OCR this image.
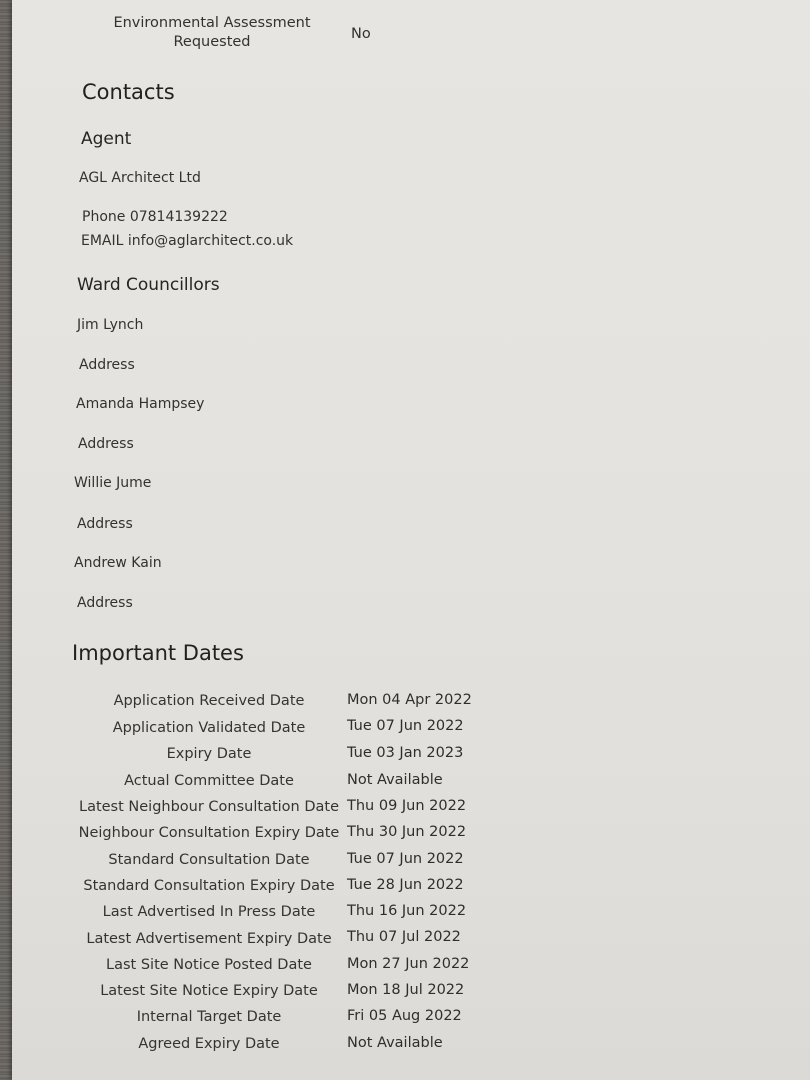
Environmental Assessment
Requested	No
Contacts
Agent
AGL Architect Ltd
Phone 07814139222
EMAIL info@aglarchitect.co.uk
Ward Councillors
Jim Lynch
Address
Amanda Hampsey
Address
Willie Jume
Address
Andrew Kain
Address
Important Dates
Application Received Date	Mon 04 Apr 2022
Application Validated Date	Tue 07 Jun 2022
Expiry Date	Tue 03 Jan 2023
Actual Committee Date	Not Available
Latest Neighbour Consultation Date Thu 09 Jun 2022
Neighbour Consultation Expiry Date Thu 30 Jun 2022
Standard Consultation Date	Tue 07 Jun 2022
Standard Consultation Expiry Date Tue 28 Jun 2022
Last Advertised In Press Date	Thu 16 Jun 2022
Latest Advertisement Expiry Date	Thu 07 Jul 2022
Last Site Notice Posted Date	Mon 27 Jun 2022
Latest Site Notice Expiry Date	Mon 18 Jul 2022
Internal Target Date	Fri 05 Aug 2022
Agreed Expiry Date	Not Available
